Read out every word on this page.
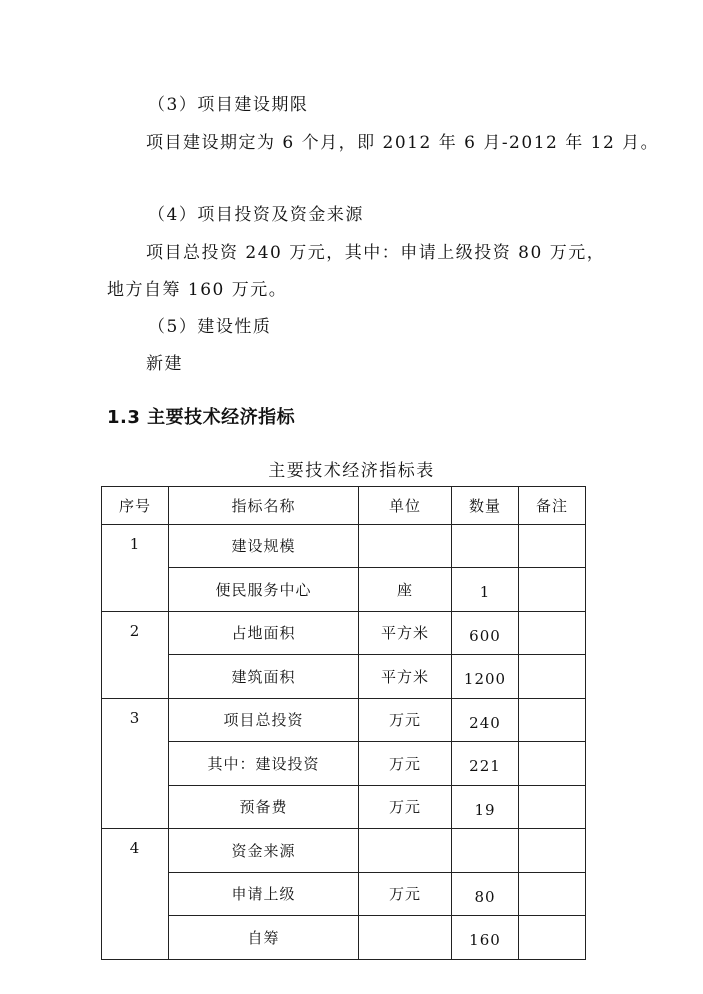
（3）项目建设期限
项目建设期定为 6 个月，即 2012 年 6 月-2012 年 12 月。
（4）项目投资及资金来源
项目总投资 240 万元，其中：申请上级投资 80 万元，
地方自筹 160 万元。
（5）建设性质
新建
1.3 主要技术经济指标
主要技术经济指标表
序号	指标名称	单位	数量	备注
1	建设规模			
	便民服务中心	座	1	
2	占地面积	平方米	600	
	建筑面积	平方米	1200	
3	项目总投资	万元	240	
	其中：建设投资	万元	221	
	预备费	万元	19	
4	资金来源			
	申请上级	万元	80	
	自筹		160	
